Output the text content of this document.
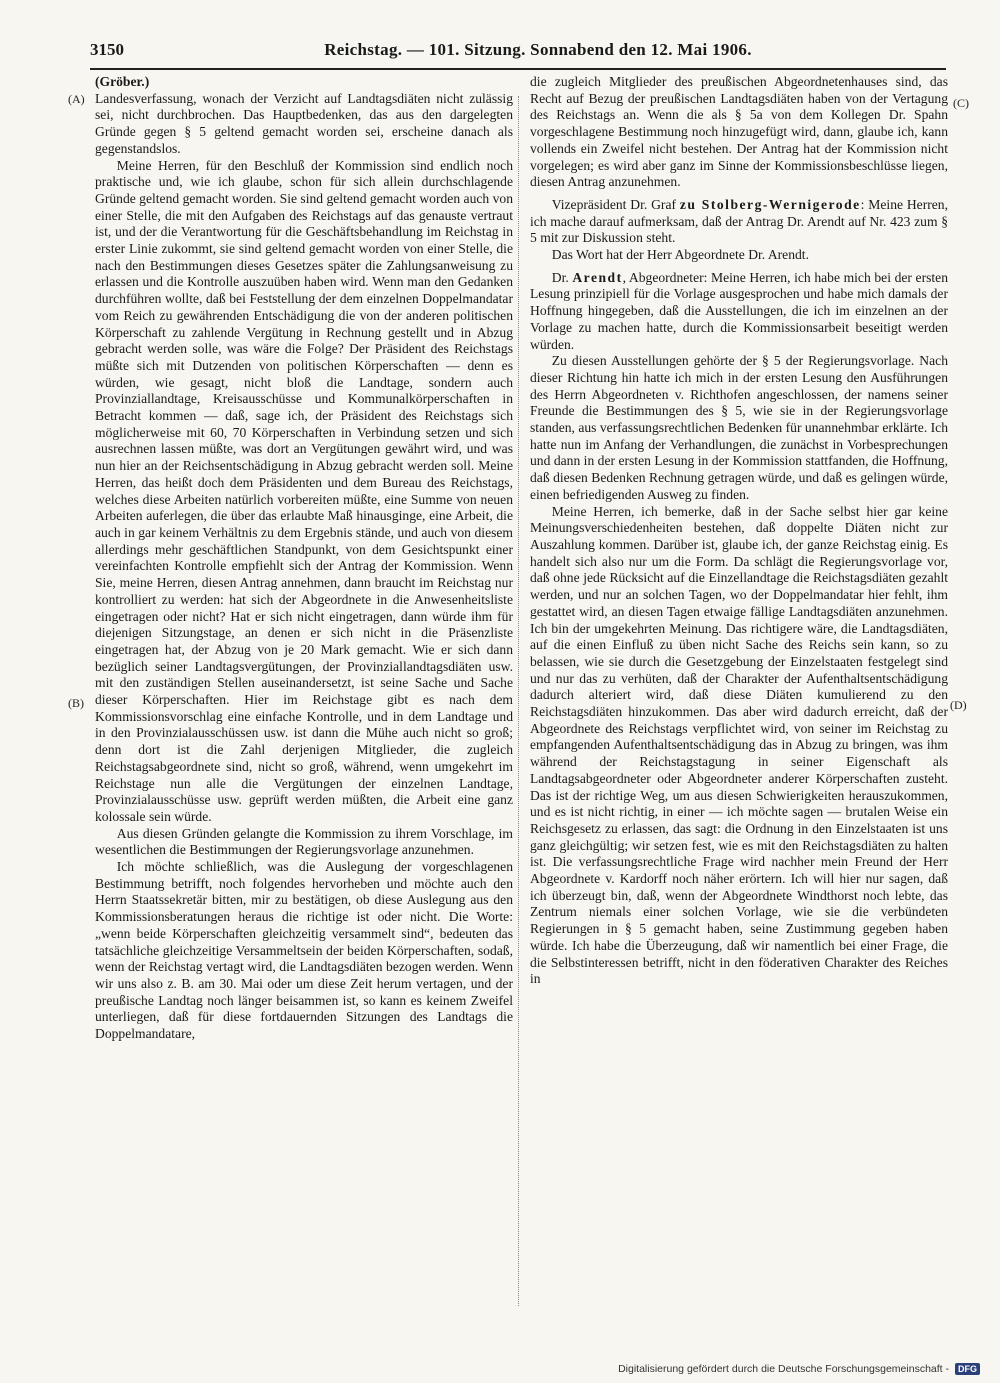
3150	Reichstag. — 101. Sitzung. Sonnabend den 12. Mai 1906.

(Gröber.)

Landesverfassung, wonach der Verzicht auf Landtagsdiäten nicht zulässig sei, nicht durchbrochen. Das Hauptbedenken, das aus den dargelegten Gründe gegen § 5 geltend gemacht worden sei, erscheine danach als gegenstandslos.

Meine Herren, für den Beschluß der Kommission sind endlich noch praktische und, wie ich glaube, schon für sich allein durchschlagende Gründe geltend gemacht worden. Sie sind geltend gemacht worden auch von einer Stelle, die mit den Aufgaben des Reichstags auf das genauste vertraut ist, und der die Verantwortung für die Geschäftsbehandlung im Reichstag in erster Linie zukommt, sie sind geltend gemacht worden von einer Stelle, die nach den Bestimmungen dieses Gesetzes später die Zahlungsanweisung zu erlassen und die Kontrolle auszuüben haben wird. Wenn man den Gedanken durchführen wollte, daß bei Feststellung der dem einzelnen Doppelmandatar vom Reich zu gewährenden Entschädigung die von der anderen politischen Körperschaft zu zahlende Vergütung in Rechnung gestellt und in Abzug gebracht werden solle, was wäre die Folge? Der Präsident des Reichstags müßte sich mit Dutzenden von politischen Körperschaften — denn es würden, wie gesagt, nicht bloß die Landtage, sondern auch Provinziallandtage, Kreisausschüsse und Kommunalkörperschaften in Betracht kommen — daß, sage ich, der Präsident des Reichstags sich möglicherweise mit 60, 70 Körperschaften in Verbindung setzen und sich ausrechnen lassen müßte, was dort an Vergütungen gewährt wird, und was nun hier an der Reichsentschädigung in Abzug gebracht werden soll. Meine Herren, das heißt doch dem Präsidenten und dem Bureau des Reichstags, welches diese Arbeiten natürlich vorbereiten müßte, eine Summe von neuen Arbeiten auferlegen, die über das erlaubte Maß hinausginge, eine Arbeit, die auch in gar keinem Verhältnis zu dem Ergebnis stände, und auch von diesem allerdings mehr geschäftlichen Standpunkt, von dem Gesichtspunkt einer vereinfachten Kontrolle empfiehlt sich der Antrag der Kommission. Wenn Sie, meine Herren, diesen Antrag annehmen, dann braucht im Reichstag nur kontrolliert zu werden: hat sich der Abgeordnete in die Anwesenheitsliste eingetragen oder nicht? Hat er sich nicht eingetragen, dann würde ihm für diejenigen Sitzungstage, an denen er sich nicht in die Präsenzliste eingetragen hat, der Abzug von je 20 Mark gemacht. Wie er sich dann bezüglich seiner Landtagsvergütungen, der Provinziallandtagsdiäten usw. mit den zuständigen Stellen auseinandersetzt, ist seine Sache und Sache dieser Körperschaften. Hier im Reichstage gibt es nach dem Kommissionsvorschlag eine einfache Kontrolle, und in dem Landtage und in den Provinzialausschüssen usw. ist dann die Mühe auch nicht so groß; denn dort ist die Zahl derjenigen Mitglieder, die zugleich Reichstagsabgeordnete sind, nicht so groß, während, wenn umgekehrt im Reichstage nun alle die Vergütungen der einzelnen Landtage, Provinzialausschüsse usw. geprüft werden müßten, die Arbeit eine ganz kolossale sein würde.

Aus diesen Gründen gelangte die Kommission zu ihrem Vorschlage, im wesentlichen die Bestimmungen der Regierungsvorlage anzunehmen.

Ich möchte schließlich, was die Auslegung der vorgeschlagenen Bestimmung betrifft, noch folgendes hervorheben und möchte auch den Herrn Staatssekretär bitten, mir zu bestätigen, ob diese Auslegung aus den Kommissionsberatungen heraus die richtige ist oder nicht. Die Worte: „wenn beide Körperschaften gleichzeitig versammelt sind“, bedeuten das tatsächliche gleichzeitige Versammeltsein der beiden Körperschaften, sodaß, wenn der Reichstag vertagt wird, die Landtagsdiäten bezogen werden. Wenn wir uns also z. B. am 30. Mai oder um diese Zeit herum vertagen, und der preußische Landtag noch länger beisammen ist, so kann es keinem Zweifel unterliegen, daß für diese fortdauernden Sitzungen des Landtags die Doppelmandatare,

die zugleich Mitglieder des preußischen Abgeordnetenhauses sind, das Recht auf Bezug der preußischen Landtagsdiäten haben von der Vertagung des Reichstags an. Wenn die als § 5a von dem Kollegen Dr. Spahn vorgeschlagene Bestimmung noch hinzugefügt wird, dann, glaube ich, kann vollends ein Zweifel nicht bestehen. Der Antrag hat der Kommission nicht vorgelegen; es wird aber ganz im Sinne der Kommissionsbeschlüsse liegen, diesen Antrag anzunehmen.

Vizepräsident Dr. Graf zu Stolberg-Wernigerode: Meine Herren, ich mache darauf aufmerksam, daß der Antrag Dr. Arendt auf Nr. 423 zum § 5 mit zur Diskussion steht.

Das Wort hat der Herr Abgeordnete Dr. Arendt.

Dr. Arendt, Abgeordneter: Meine Herren, ich habe mich bei der ersten Lesung prinzipiell für die Vorlage ausgesprochen und habe mich damals der Hoffnung hingegeben, daß die Ausstellungen, die ich im einzelnen an der Vorlage zu machen hatte, durch die Kommissionsarbeit beseitigt werden würden.

Zu diesen Ausstellungen gehörte der § 5 der Regierungsvorlage. Nach dieser Richtung hin hatte ich mich in der ersten Lesung den Ausführungen des Herrn Abgeordneten v. Richthofen angeschlossen, der namens seiner Freunde die Bestimmungen des § 5, wie sie in der Regierungsvorlage standen, aus verfassungsrechtlichen Bedenken für unannehmbar erklärte. Ich hatte nun im Anfang der Verhandlungen, die zunächst in Vorbesprechungen und dann in der ersten Lesung in der Kommission stattfanden, die Hoffnung, daß diesen Bedenken Rechnung getragen würde, und daß es gelingen würde, einen befriedigenden Ausweg zu finden.

Meine Herren, ich bemerke, daß in der Sache selbst hier gar keine Meinungsverschiedenheiten bestehen, daß doppelte Diäten nicht zur Auszahlung kommen. Darüber ist, glaube ich, der ganze Reichstag einig. Es handelt sich also nur um die Form. Da schlägt die Regierungsvorlage vor, daß ohne jede Rücksicht auf die Einzellandtage die Reichstagsdiäten gezahlt werden, und nur an solchen Tagen, wo der Doppelmandatar hier fehlt, ihm gestattet wird, an diesen Tagen etwaige fällige Landtagsdiäten anzunehmen. Ich bin der umgekehrten Meinung. Das richtigere wäre, die Landtagsdiäten, auf die einen Einfluß zu üben nicht Sache des Reichs sein kann, so zu belassen, wie sie durch die Gesetzgebung der Einzelstaaten festgelegt sind und nur das zu verhüten, daß der Charakter der Aufenthaltsentschädigung dadurch alteriert wird, daß diese Diäten kumulierend zu den Reichstagsdiäten hinzukommen. Das aber wird dadurch erreicht, daß der Abgeordnete des Reichstags verpflichtet wird, von seiner im Reichstag zu empfangenden Aufenthaltsentschädigung das in Abzug zu bringen, was ihm während der Reichstagstagung in seiner Eigenschaft als Landtagsabgeordneter oder Abgeordneter anderer Körperschaften zusteht. Das ist der richtige Weg, um aus diesen Schwierigkeiten herauszukommen, und es ist nicht richtig, in einer — ich möchte sagen — brutalen Weise ein Reichsgesetz zu erlassen, das sagt: die Ordnung in den Einzelstaaten ist uns ganz gleichgültig; wir setzen fest, wie es mit den Reichstagsdiäten zu halten ist. Die verfassungsrechtliche Frage wird nachher mein Freund der Herr Abgeordnete v. Kardorff noch näher erörtern. Ich will hier nur sagen, daß ich überzeugt bin, daß, wenn der Abgeordnete Windthorst noch lebte, das Zentrum niemals einer solchen Vorlage, wie sie die verbündeten Regierungen in § 5 gemacht haben, seine Zustimmung gegeben haben würde. Ich habe die Überzeugung, daß wir namentlich bei einer Frage, die die Selbstinteressen betrifft, nicht in den föderativen Charakter des Reiches in

(A)
(B)
(C)
(D)
Digitalisierung gefördert durch die Deutsche Forschungsgemeinschaft -	DFG
